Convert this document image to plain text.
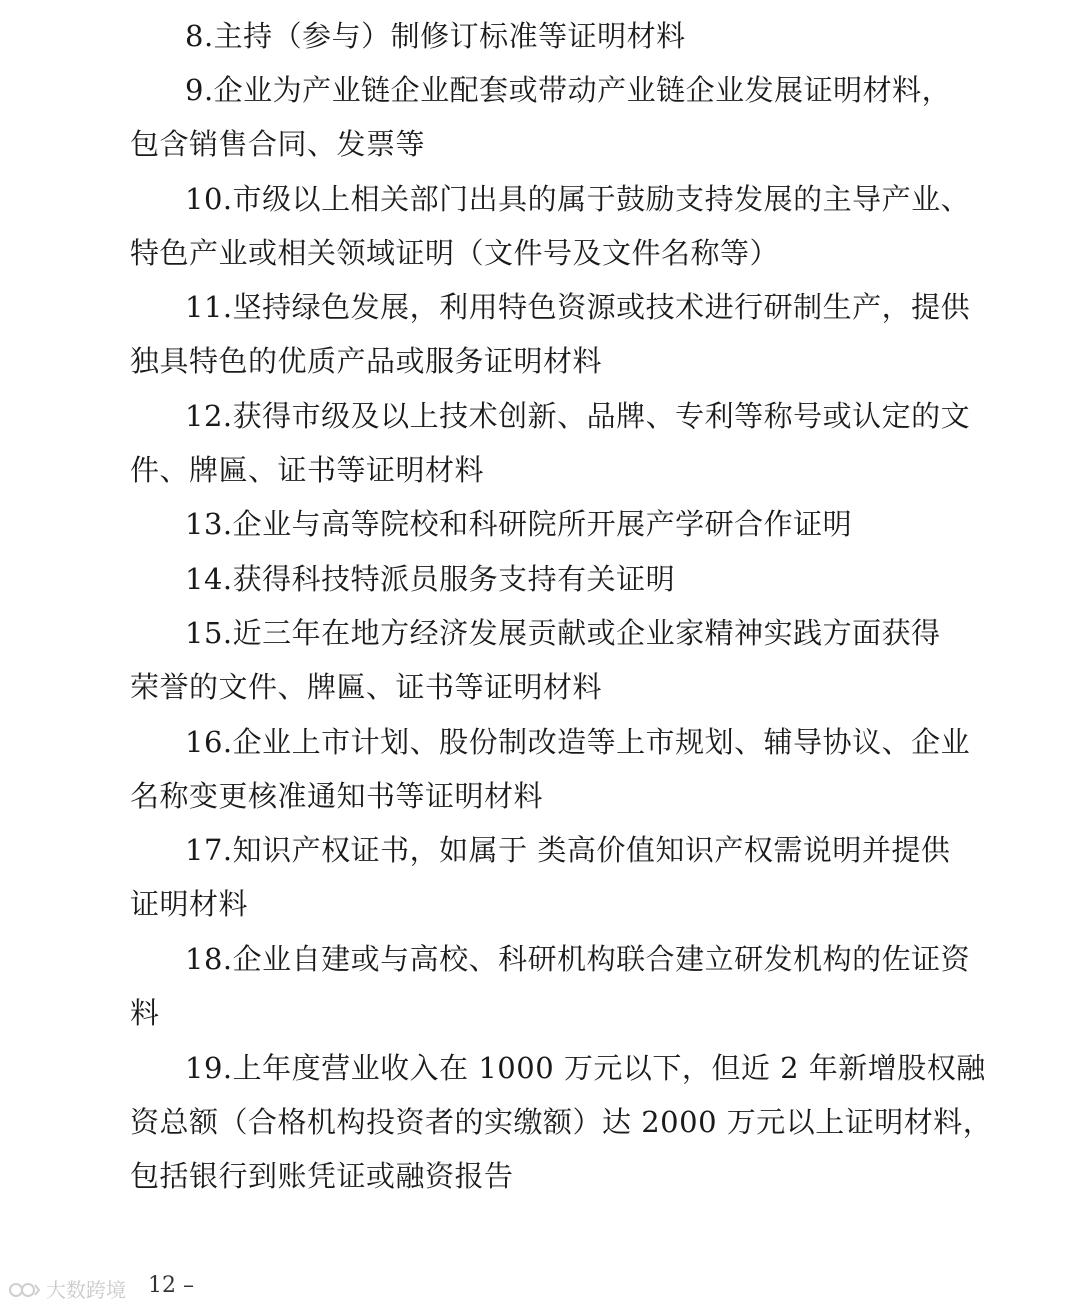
8.主持（参与）制修订标准等证明材料
9.企业为产业链企业配套或带动产业链企业发展证明材料，
包含销售合同、发票等
10.市级以上相关部门出具的属于鼓励支持发展的主导产业、
特色产业或相关领域证明（文件号及文件名称等）
11.坚持绿色发展，利用特色资源或技术进行研制生产，提供
独具特色的优质产品或服务证明材料
12.获得市级及以上技术创新、品牌、专利等称号或认定的文
件、牌匾、证书等证明材料
13.企业与高等院校和科研院所开展产学研合作证明
14.获得科技特派员服务支持有关证明
15.近三年在地方经济发展贡献或企业家精神实践方面获得
荣誉的文件、牌匾、证书等证明材料
16.企业上市计划、股份制改造等上市规划、辅导协议、企业
名称变更核准通知书等证明材料
17.知识产权证书，如属于 类高价值知识产权需说明并提供
证明材料
18.企业自建或与高校、科研机构联合建立研发机构的佐证资
料
19.上年度营业收入在 1000 万元以下，但近 2 年新增股权融
资总额（合格机构投资者的实缴额）达 2000 万元以上证明材料，
包括银行到账凭证或融资报告
大数跨境 12 –
